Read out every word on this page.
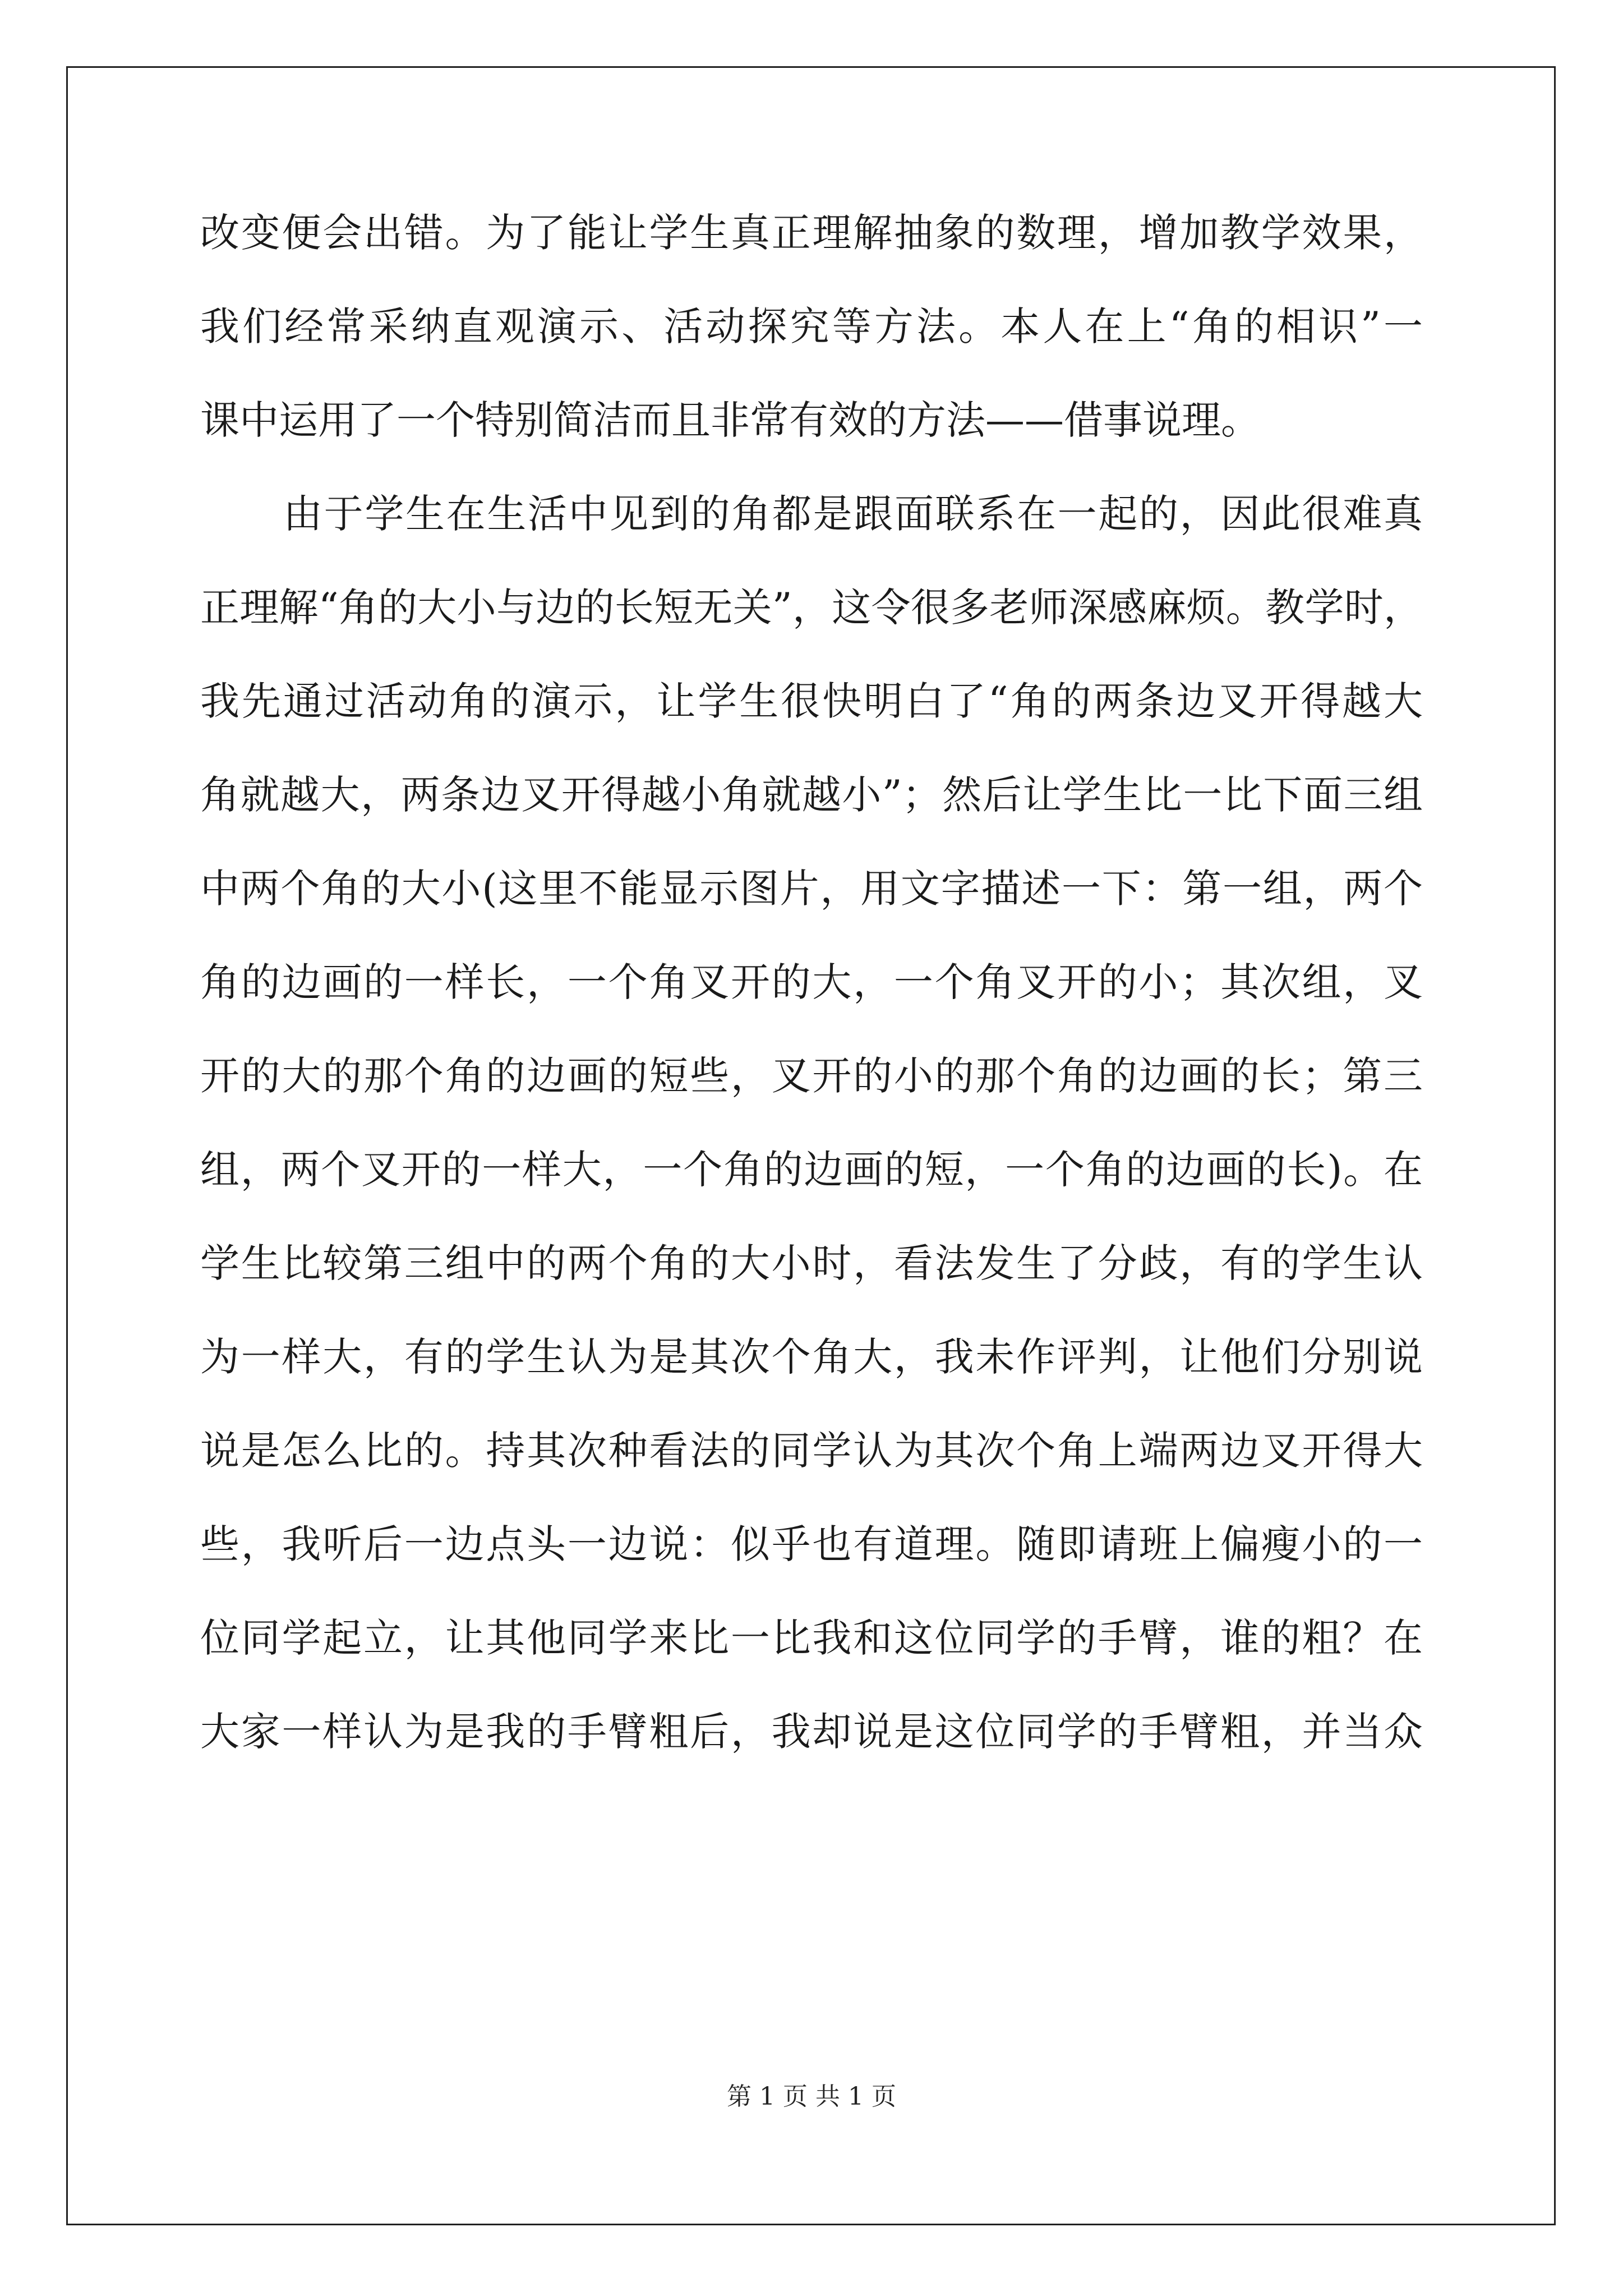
改变便会出错。为了能让学生真正理解抽象的数理，增加教学效果，
我们经常采纳直观演示、活动探究等方法。本人在上“角的相识”一
课中运用了一个特别简洁而且非常有效的方法——借事说理。
由于学生在生活中见到的角都是跟面联系在一起的，因此很难真
正理解“角的大小与边的长短无关”，这令很多老师深感麻烦。教学时，
我先通过活动角的演示，让学生很快明白了“角的两条边叉开得越大
角就越大，两条边叉开得越小角就越小”；然后让学生比一比下面三组
中两个角的大小(这里不能显示图片，用文字描述一下：第一组，两个
角的边画的一样长，一个角叉开的大，一个角叉开的小；其次组，叉
开的大的那个角的边画的短些，叉开的小的那个角的边画的长；第三
组，两个叉开的一样大，一个角的边画的短，一个角的边画的长)。在
学生比较第三组中的两个角的大小时，看法发生了分歧，有的学生认
为一样大，有的学生认为是其次个角大，我未作评判，让他们分别说
说是怎么比的。持其次种看法的同学认为其次个角上端两边叉开得大
些，我听后一边点头一边说：似乎也有道理。随即请班上偏瘦小的一
位同学起立，让其他同学来比一比我和这位同学的手臂，谁的粗？在
大家一样认为是我的手臂粗后，我却说是这位同学的手臂粗，并当众
第 1 页 共 1 页
